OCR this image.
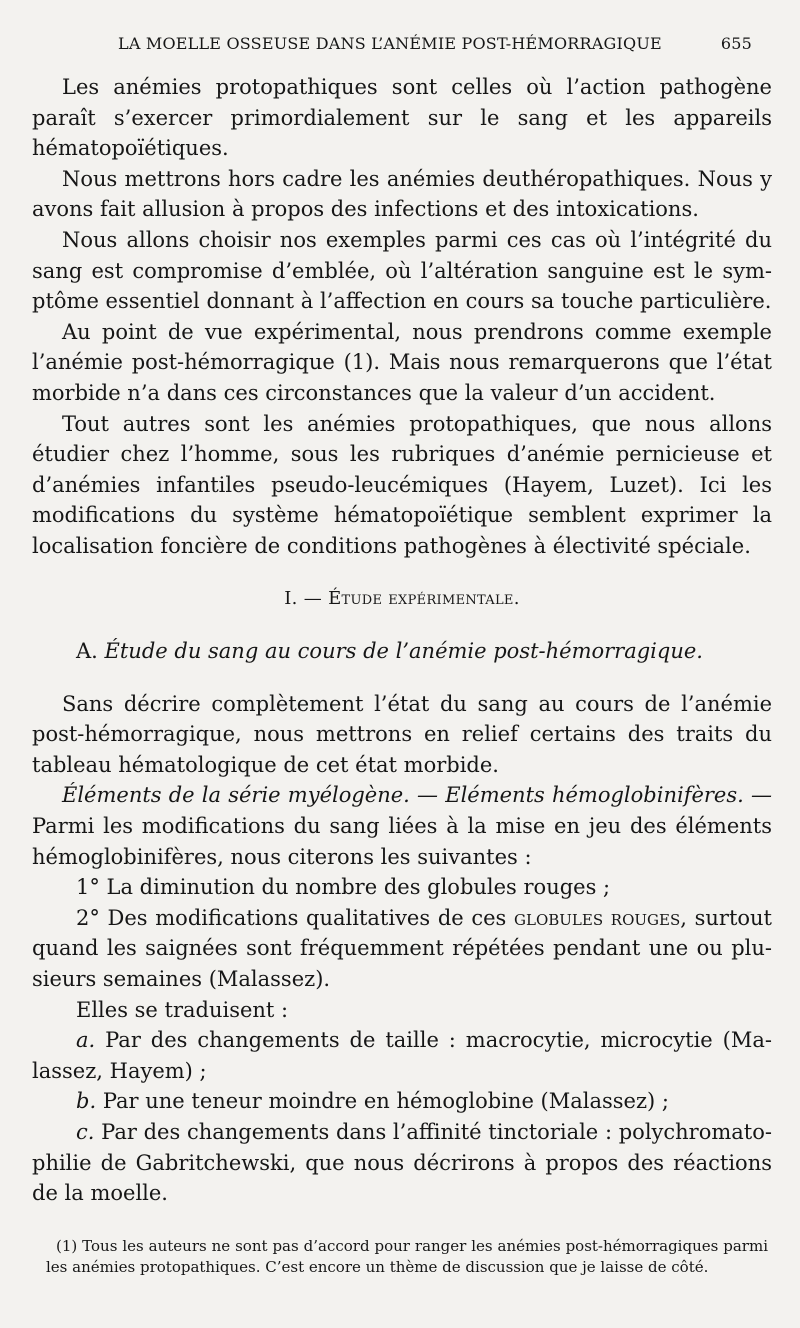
LA MOELLE OSSEUSE DANS L’ANÉMIE POST-HÉMORRAGIQUE	655

Les anémies protopathiques sont celles où l’action pathogène paraît s’exercer primordialement sur le sang et les appareils hématopoïétiques.

Nous mettrons hors cadre les anémies deuthéropathiques. Nous y avons fait allusion à propos des infections et des intoxications.

Nous allons choisir nos exemples parmi ces cas où l’intégrité du sang est compromise d’emblée, où l’altération sanguine est le symptôme essentiel donnant à l’affection en cours sa touche particulière.

Au point de vue expérimental, nous prendrons comme exemple l’anémie post-hémorragique (1). Mais nous remarquerons que l’état morbide n’a dans ces circonstances que la valeur d’un accident.

Tout autres sont les anémies protopathiques, que nous allons étudier chez l’homme, sous les rubriques d’anémie pernicieuse et d’anémies infantiles pseudo-leucémiques (Hayem, Luzet). Ici les modifications du système hématopoïétique semblent exprimer la localisation foncière de conditions pathogènes à électivité spéciale.

I. — Étude expérimentale.

A. Étude du sang au cours de l’anémie post-hémorragique.

Sans décrire complètement l’état du sang au cours de l’anémie post-hémorragique, nous mettrons en relief certains des traits du tableau hématologique de cet état morbide.

Éléments de la série myélogène. — Eléments hémoglobinifères. — Parmi les modifications du sang liées à la mise en jeu des éléments hémoglobinifères, nous citerons les suivantes :

1° La diminution du nombre des globules rouges ;

2° Des modifications qualitatives de ces globules rouges, surtout quand les saignées sont fréquemment répétées pendant une ou plusieurs semaines (Malassez).

Elles se traduisent :

a. Par des changements de taille : macrocytie, microcytie (Malassez, Hayem) ;

b. Par une teneur moindre en hémoglobine (Malassez) ;

c. Par des changements dans l’affinité tinctoriale : polychromatophilie de Gabritchewski, que nous décrirons à propos des réactions de la moelle.

(1) Tous les auteurs ne sont pas d’accord pour ranger les anémies post-hémorragiques parmi les anémies protopathiques. C’est encore un thème de discussion que je laisse de côté.
